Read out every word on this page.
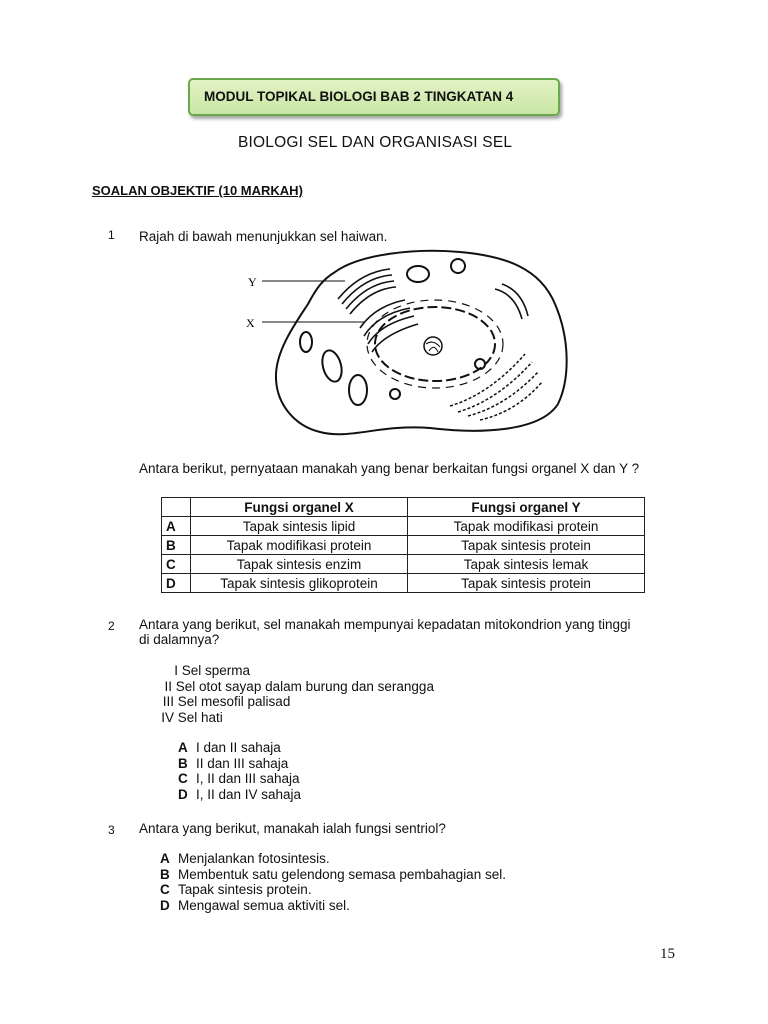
MODUL TOPIKAL BIOLOGI BAB 2 TINGKATAN 4
BIOLOGI SEL DAN ORGANISASI SEL
SOALAN OBJEKTIF (10 MARKAH)
1 Rajah di bawah menunjukkan sel haiwan.
Y
X
Antara berikut, pernyataan manakah yang benar berkaitan fungsi organel X dan Y ?
	Fungsi organel X	Fungsi organel Y
A	Tapak sintesis lipid	Tapak modifikasi protein
B	Tapak modifikasi protein	Tapak sintesis protein
C	Tapak sintesis enzim	Tapak sintesis lemak
D	Tapak sintesis glikoprotein	Tapak sintesis protein
2 Antara yang berikut, sel manakah mempunyai kepadatan mitokondrion yang tinggi
di dalamnya?
I Sel sperma
II Sel otot sayap dalam burung dan serangga
III Sel mesofil palisad
IV Sel hati
A I dan II sahaja
B II dan III sahaja
C I, II dan III sahaja
D I, II dan IV sahaja
3 Antara yang berikut, manakah ialah fungsi sentriol?
A Menjalankan fotosintesis.
B Membentuk satu gelendong semasa pembahagian sel.
C Tapak sintesis protein.
D Mengawal semua aktiviti sel.
15
